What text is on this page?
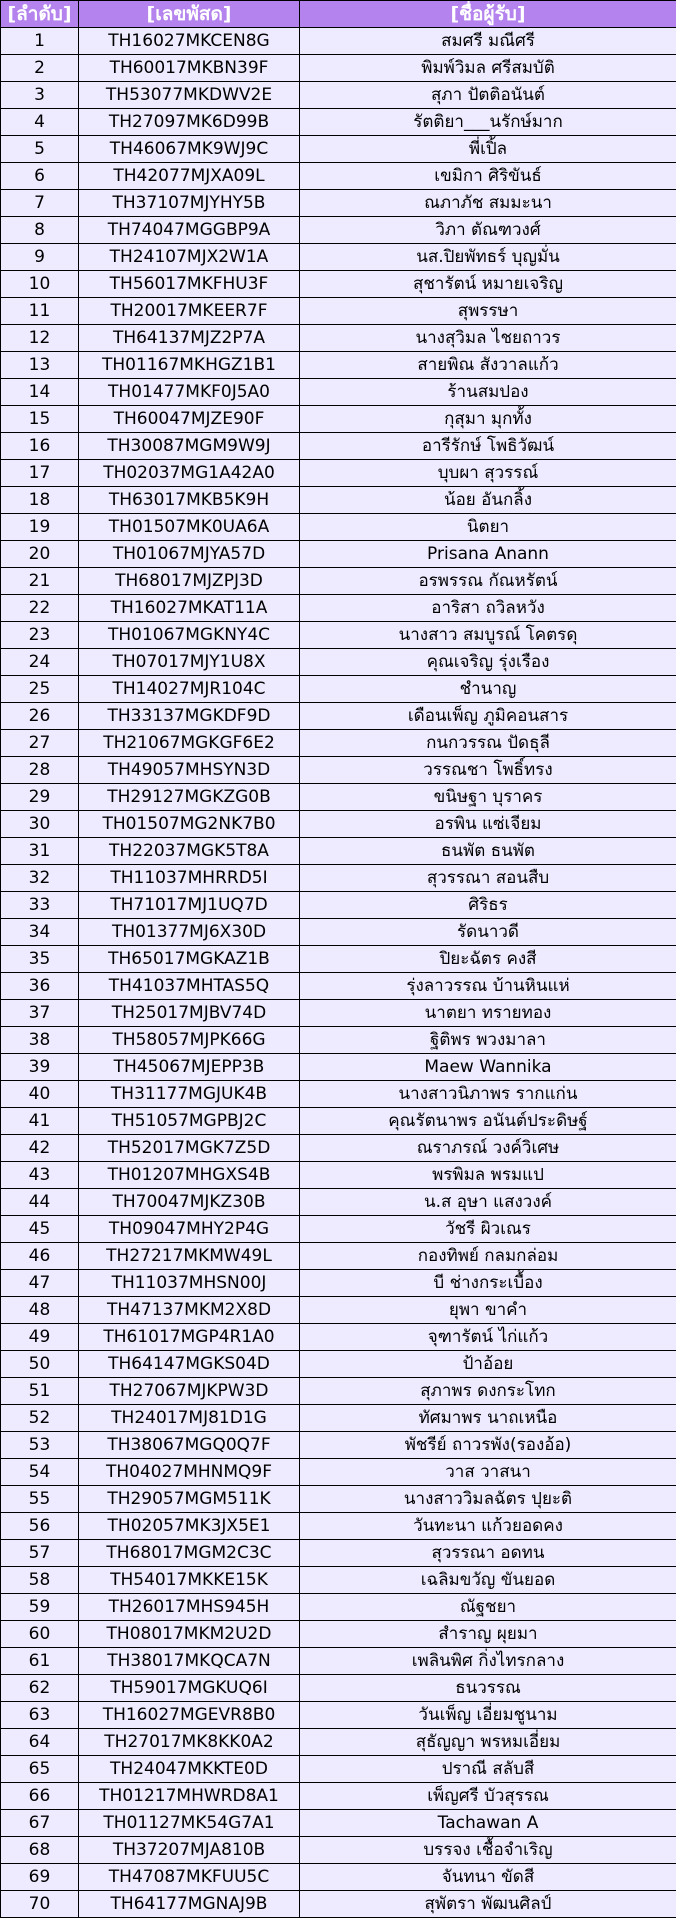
[ลำดับ]	[เลขพัสด]	[ชื่อผู้รับ]
1	TH16027MKCEN8G	สมศรี มณีศรี
2	TH60017MKBN39F	พิมพ์วิมล ศรีสมบัติ
3	TH53077MKDWV2E	สุภา ปัตติอนันต์
4	TH27097MK6D99B	รัตติยา___นรักษ์มาก
5	TH46067MK9WJ9C	พี่เปิ้ล
6	TH42077MJXA09L	เขมิกา ศิริขันธ์
7	TH37107MJYHY5B	ณภาภัช สมมะนา
8	TH74047MGGBP9A	วิภา ตัณฑวงศ์
9	TH24107MJX2W1A	นส.ปิยพัทธร์ บุญมั่น
10	TH56017MKFHU3F	สุชารัตน์ หมายเจริญ
11	TH20017MKEER7F	สุพรรษา
12	TH64137MJZ2P7A	นางสุวิมล ไชยถาวร
13	TH01167MKHGZ1B1	สายพิณ สังวาลแก้ว
14	TH01477MKF0J5A0	ร้านสมปอง
15	TH60047MJZE90F	กุสุมา มุกทั้ง
16	TH30087MGM9W9J	อารีรักษ์ โพธิวัฒน์
17	TH02037MG1A42A0	บุบผา สุวรรณ์
18	TH63017MKB5K9H	น้อย อันกลิ้ง
19	TH01507MK0UA6A	นิตยา
20	TH01067MJYA57D	Prisana Anann
21	TH68017MJZPJ3D	อรพรรณ กัณหรัตน์
22	TH16027MKAT11A	อาริสา ถวิลหวัง
23	TH01067MGKNY4C	นางสาว สมบูรณ์ โคตรดุ
24	TH07017MJY1U8X	คุณเจริญ รุ่งเรือง
25	TH14027MJR104C	ชำนาญ
26	TH33137MGKDF9D	เดือนเพ็ญ ภูมิคอนสาร
27	TH21067MGKGF6E2	กนกวรรณ ปัดธุลี
28	TH49057MHSYN3D	วรรณชา โพธิ์ทรง
29	TH29127MGKZG0B	ขนิษฐา บุราคร
30	TH01507MG2NK7B0	อรพิน แซ่เจียม
31	TH22037MGK5T8A	ธนพัต ธนพัต
32	TH11037MHRRD5I	สุวรรณา สอนสืบ
33	TH71017MJ1UQ7D	ศิริธร
34	TH01377MJ6X30D	รัดนาวดี
35	TH65017MGKAZ1B	ปิยะฉัตร คงสี
36	TH41037MHTAS5Q	รุ่งลาวรรณ บ้านหินแห่
37	TH25017MJBV74D	นาตยา ทรายทอง
38	TH58057MJPK66G	ฐิติพร พวงมาลา
39	TH45067MJEPP3B	Maew Wannika
40	TH31177MGJUK4B	นางสาวนิภาพร รากแก่น
41	TH51057MGPBJ2C	คุณรัตนาพร อนันต์ประดิษฐ์
42	TH52017MGK7Z5D	ณราภรณ์ วงค์วิเศษ
43	TH01207MHGXS4B	พรพิมล พรมแป
44	TH70047MJKZ30B	น.ส อุษา แสงวงค์
45	TH09047MHY2P4G	วัชรี ผิวเณร
46	TH27217MKMW49L	กองทิพย์ กลมกล่อม
47	TH11037MHSN00J	บี ช่างกระเบื้อง
48	TH47137MKM2X8D	ยุพา ขาคำ
49	TH61017MGP4R1A0	จุฑารัตน์ ไก่แก้ว
50	TH64147MGKS04D	ป้าอ้อย
51	TH27067MJKPW3D	สุภาพร ดงกระโทก
52	TH24017MJ81D1G	ทัศมาพร นาถเหนือ
53	TH38067MGQ0Q7F	พัชรีย์ ถาวรพัง(รองอ้อ)
54	TH04027MHNMQ9F	วาส วาสนา
55	TH29057MGM511K	นางสาววิมลฉัตร ปุยะติ
56	TH02057MK3JX5E1	วันทะนา แก้วยอดคง
57	TH68017MGM2C3C	สุวรรณา อดทน
58	TH54017MKKE15K	เฉลิมขวัญ ขันยอด
59	TH26017MHS945H	ณัฐชยา
60	TH08017MKM2U2D	สำราญ ผุยมา
61	TH38017MKQCA7N	เพลินพิศ กิ่งไทรกลาง
62	TH59017MGKUQ6I	ธนวรรณ
63	TH16027MGEVR8B0	วันเพ็ญ เอี่ยมชูนาม
64	TH27017MK8KK0A2	สุธัญญา พรหมเอี่ยม
65	TH24047MKKTE0D	ปราณี สลับสี
66	TH01217MHWRD8A1	เพ็ญศรี บัวสุรรณ
67	TH01127MK54G7A1	Tachawan A
68	TH37207MJA810B	บรรจง เชื้อจำเริญ
69	TH47087MKFUU5C	จันทนา ขัดสี
70	TH64177MGNAJ9B	สุพัตรา พัฒนศิลป์
